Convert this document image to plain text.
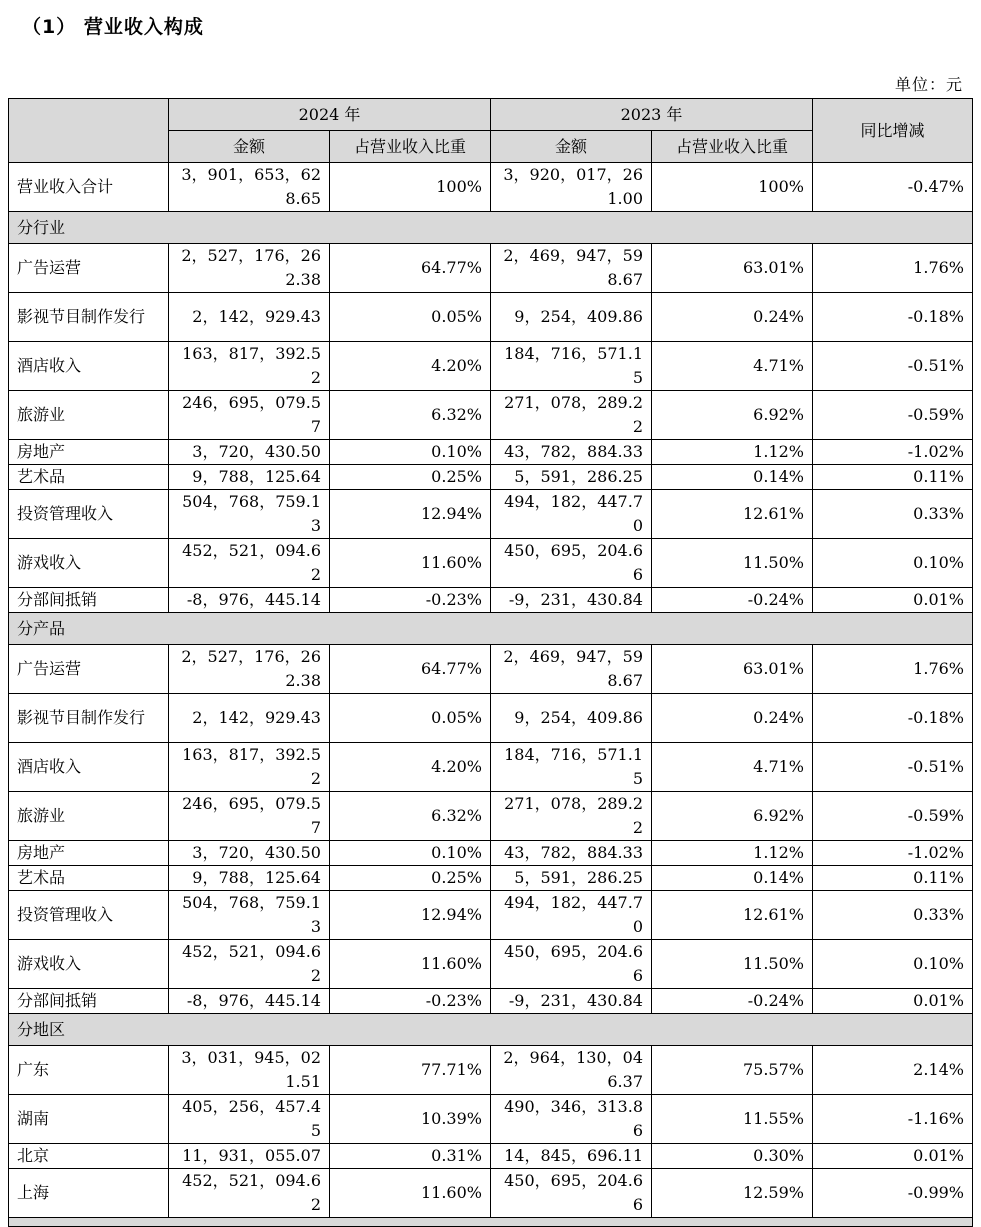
（1） 营业收入构成
单位：元
	2024 年		2023 年		同比增减
	金额	占营业收入比重	金额	占营业收入比重	
营业收入合计	3，901，653，628.65	100%	3，920，017，261.00	100%	-0.47%
分行业					
广告运营	2，527，176，262.38	64.77%	2，469，947，598.67	63.01%	1.76%
影视节目制作发行	2，142，929.43	0.05%	9，254，409.86	0.24%	-0.18%
酒店收入	163，817，392.52	4.20%	184，716，571.15	4.71%	-0.51%
旅游业	246，695，079.57	6.32%	271，078，289.22	6.92%	-0.59%
房地产	3，720，430.50	0.10%	43，782，884.33	1.12%	-1.02%
艺术品	9，788，125.64	0.25%	5，591，286.25	0.14%	0.11%
投资管理收入	504，768，759.13	12.94%	494，182，447.70	12.61%	0.33%
游戏收入	452，521，094.62	11.60%	450，695，204.66	11.50%	0.10%
分部间抵销	-8，976，445.14	-0.23%	-9，231，430.84	-0.24%	0.01%
分产品					
广告运营	2，527，176，262.38	64.77%	2，469，947，598.67	63.01%	1.76%
影视节目制作发行	2，142，929.43	0.05%	9，254，409.86	0.24%	-0.18%
酒店收入	163，817，392.52	4.20%	184，716，571.15	4.71%	-0.51%
旅游业	246，695，079.57	6.32%	271，078，289.22	6.92%	-0.59%
房地产	3，720，430.50	0.10%	43，782，884.33	1.12%	-1.02%
艺术品	9，788，125.64	0.25%	5，591，286.25	0.14%	0.11%
投资管理收入	504，768，759.13	12.94%	494，182，447.70	12.61%	0.33%
游戏收入	452，521，094.62	11.60%	450，695，204.66	11.50%	0.10%
分部间抵销	-8，976，445.14	-0.23%	-9，231，430.84	-0.24%	0.01%
分地区					
广东	3，031，945，021.51	77.71%	2，964，130，046.37	75.57%	2.14%
湖南	405，256，457.45	10.39%	490，346，313.86	11.55%	-1.16%
北京	11，931，055.07	0.31%	14，845，696.11	0.30%	0.01%
上海	452，521，094.62	11.60%	450，695，204.66	12.59%	-0.99%
